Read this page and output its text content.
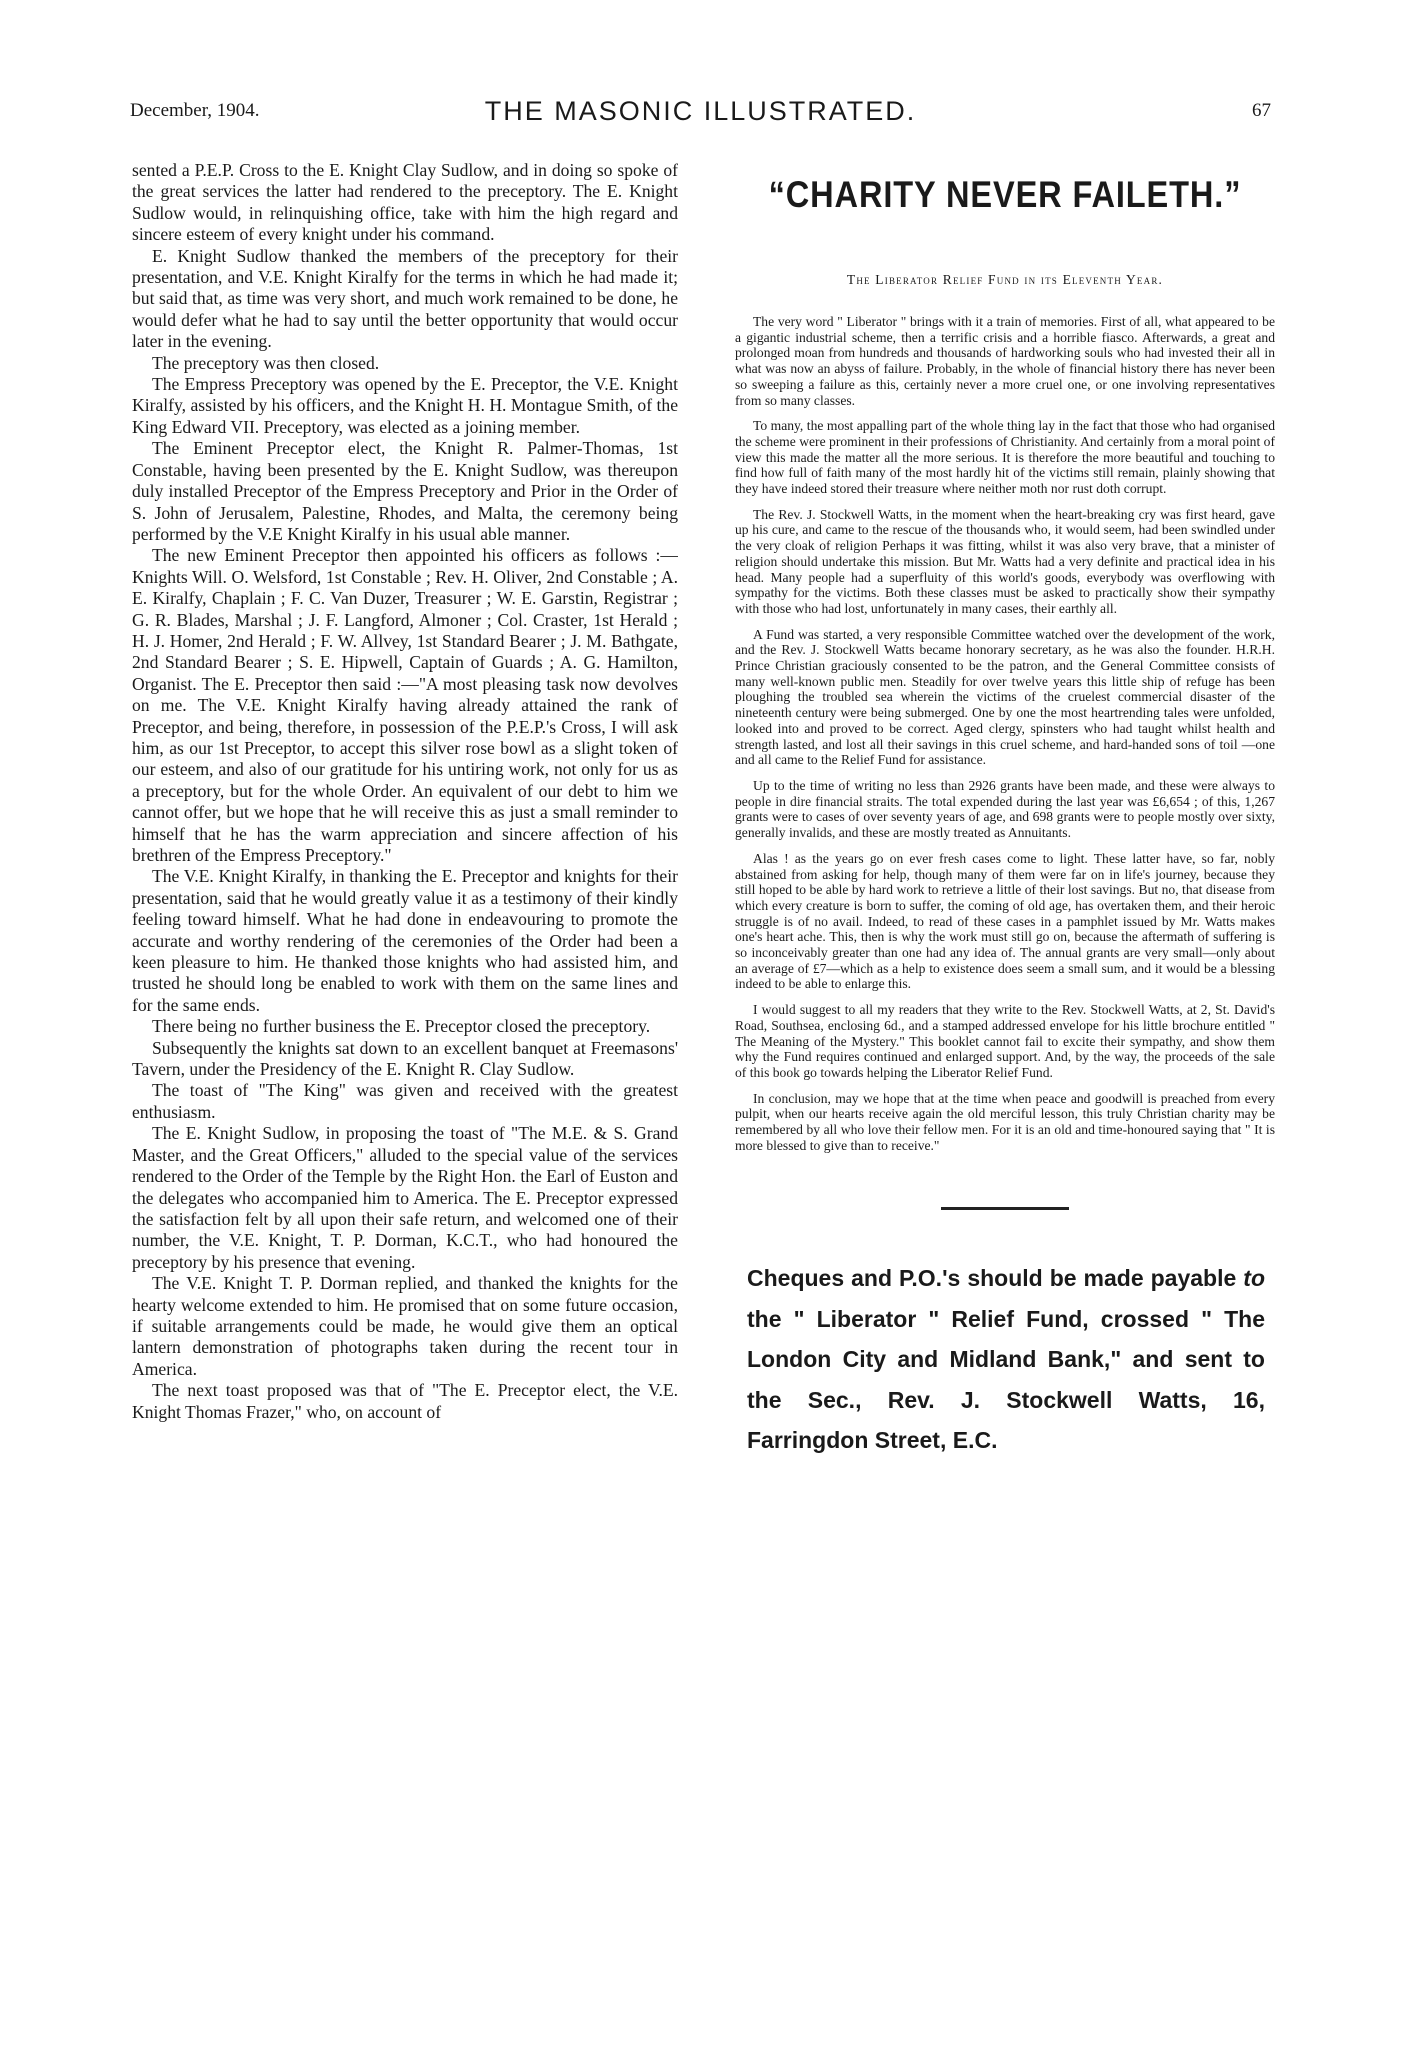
December, 1904.	THE MASONIC ILLUSTRATED.	67

sented a P.E.P. Cross to the E. Knight Clay Sudlow, and in doing so spoke of the great services the latter had rendered to the preceptory. The E. Knight Sudlow would, in relinquishing office, take with him the high regard and sincere esteem of every knight under his command.

E. Knight Sudlow thanked the members of the preceptory for their presentation, and V.E. Knight Kiralfy for the terms in which he had made it; but said that, as time was very short, and much work remained to be done, he would defer what he had to say until the better opportunity that would occur later in the evening.

The preceptory was then closed.

The Empress Preceptory was opened by the E. Preceptor, the V.E. Knight Kiralfy, assisted by his officers, and the Knight H. H. Montague Smith, of the King Edward VII. Preceptory, was elected as a joining member.

The Eminent Preceptor elect, the Knight R. Palmer-Thomas, 1st Constable, having been presented by the E. Knight Sudlow, was thereupon duly installed Preceptor of the Empress Preceptory and Prior in the Order of S. John of Jerusalem, Palestine, Rhodes, and Malta, the ceremony being performed by the V.E Knight Kiralfy in his usual able manner.

The new Eminent Preceptor then appointed his officers as follows :—Knights Will. O. Welsford, 1st Constable ; Rev. H. Oliver, 2nd Constable ; A. E. Kiralfy, Chaplain ; F. C. Van Duzer, Treasurer ; W. E. Garstin, Registrar ; G. R. Blades, Marshal ; J. F. Langford, Almoner ; Col. Craster, 1st Herald ; H. J. Homer, 2nd Herald ; F. W. Allvey, 1st Standard Bearer ; J. M. Bathgate, 2nd Standard Bearer ; S. E. Hipwell, Captain of Guards ; A. G. Hamilton, Organist. The E. Preceptor then said :—"A most pleasing task now devolves on me. The V.E. Knight Kiralfy having already attained the rank of Preceptor, and being, therefore, in possession of the P.E.P.'s Cross, I will ask him, as our 1st Preceptor, to accept this silver rose bowl as a slight token of our esteem, and also of our gratitude for his untiring work, not only for us as a preceptory, but for the whole Order. An equivalent of our debt to him we cannot offer, but we hope that he will receive this as just a small reminder to himself that he has the warm appreciation and sincere affection of his brethren of the Empress Preceptory."

The V.E. Knight Kiralfy, in thanking the E. Preceptor and knights for their presentation, said that he would greatly value it as a testimony of their kindly feeling toward himself. What he had done in endeavouring to promote the accurate and worthy rendering of the ceremonies of the Order had been a keen pleasure to him. He thanked those knights who had assisted him, and trusted he should long be enabled to work with them on the same lines and for the same ends.

There being no further business the E. Preceptor closed the preceptory.

Subsequently the knights sat down to an excellent banquet at Freemasons' Tavern, under the Presidency of the E. Knight R. Clay Sudlow.

The toast of "The King" was given and received with the greatest enthusiasm.

The E. Knight Sudlow, in proposing the toast of "The M.E. & S. Grand Master, and the Great Officers," alluded to the special value of the services rendered to the Order of the Temple by the Right Hon. the Earl of Euston and the delegates who accompanied him to America. The E. Preceptor expressed the satisfaction felt by all upon their safe return, and welcomed one of their number, the V.E. Knight, T. P. Dorman, K.C.T., who had honoured the preceptory by his presence that evening.

The V.E. Knight T. P. Dorman replied, and thanked the knights for the hearty welcome extended to him. He promised that on some future occasion, if suitable arrangements could be made, he would give them an optical lantern demonstration of photographs taken during the recent tour in America.

The next toast proposed was that of "The E. Preceptor elect, the V.E. Knight Thomas Frazer," who, on account of

“CHARITY NEVER FAILETH.”
The Liberator Relief Fund in its Eleventh Year.

The very word " Liberator " brings with it a train of memories. First of all, what appeared to be a gigantic industrial scheme, then a terrific crisis and a horrible fiasco. Afterwards, a great and prolonged moan from hundreds and thousands of hardworking souls who had invested their all in what was now an abyss of failure. Probably, in the whole of financial history there has never been so sweeping a failure as this, certainly never a more cruel one, or one involving representatives from so many classes.

To many, the most appalling part of the whole thing lay in the fact that those who had organised the scheme were prominent in their professions of Christianity. And certainly from a moral point of view this made the matter all the more serious. It is therefore the more beautiful and touching to find how full of faith many of the most hardly hit of the victims still remain, plainly showing that they have indeed stored their treasure where neither moth nor rust doth corrupt.

The Rev. J. Stockwell Watts, in the moment when the heart-breaking cry was first heard, gave up his cure, and came to the rescue of the thousands who, it would seem, had been swindled under the very cloak of religion Perhaps it was fitting, whilst it was also very brave, that a minister of religion should undertake this mission. But Mr. Watts had a very definite and practical idea in his head. Many people had a superfluity of this world's goods, everybody was overflowing with sympathy for the victims. Both these classes must be asked to practically show their sympathy with those who had lost, unfortunately in many cases, their earthly all.

A Fund was started, a very responsible Committee watched over the development of the work, and the Rev. J. Stockwell Watts became honorary secretary, as he was also the founder. H.R.H. Prince Christian graciously consented to be the patron, and the General Committee consists of many well-known public men. Steadily for over twelve years this little ship of refuge has been ploughing the troubled sea wherein the victims of the cruelest commercial disaster of the nineteenth century were being submerged. One by one the most heartrending tales were unfolded, looked into and proved to be correct. Aged clergy, spinsters who had taught whilst health and strength lasted, and lost all their savings in this cruel scheme, and hard-handed sons of toil —one and all came to the Relief Fund for assistance.

Up to the time of writing no less than 2926 grants have been made, and these were always to people in dire financial straits. The total expended during the last year was £6,654 ; of this, 1,267 grants were to cases of over seventy years of age, and 698 grants were to people mostly over sixty, generally invalids, and these are mostly treated as Annuitants.

Alas ! as the years go on ever fresh cases come to light. These latter have, so far, nobly abstained from asking for help, though many of them were far on in life's journey, because they still hoped to be able by hard work to retrieve a little of their lost savings. But no, that disease from which every creature is born to suffer, the coming of old age, has overtaken them, and their heroic struggle is of no avail. Indeed, to read of these cases in a pamphlet issued by Mr. Watts makes one's heart ache. This, then is why the work must still go on, because the aftermath of suffering is so inconceivably greater than one had any idea of. The annual grants are very small—only about an average of £7—which as a help to existence does seem a small sum, and it would be a blessing indeed to be able to enlarge this.

I would suggest to all my readers that they write to the Rev. Stockwell Watts, at 2, St. David's Road, Southsea, enclosing 6d., and a stamped addressed envelope for his little brochure entitled " The Meaning of the Mystery." This booklet cannot fail to excite their sympathy, and show them why the Fund requires continued and enlarged support. And, by the way, the proceeds of the sale of this book go towards helping the Liberator Relief Fund.

In conclusion, may we hope that at the time when peace and goodwill is preached from every pulpit, when our hearts receive again the old merciful lesson, this truly Christian charity may be remembered by all who love their fellow men. For it is an old and time-honoured saying that " It is more blessed to give than to receive."

Cheques and P.O.'s should be made payable to the " Liberator " Relief Fund, crossed " The London City and Midland Bank," and sent to the Sec., Rev. J. Stockwell Watts, 16, Farringdon Street, E.C.
